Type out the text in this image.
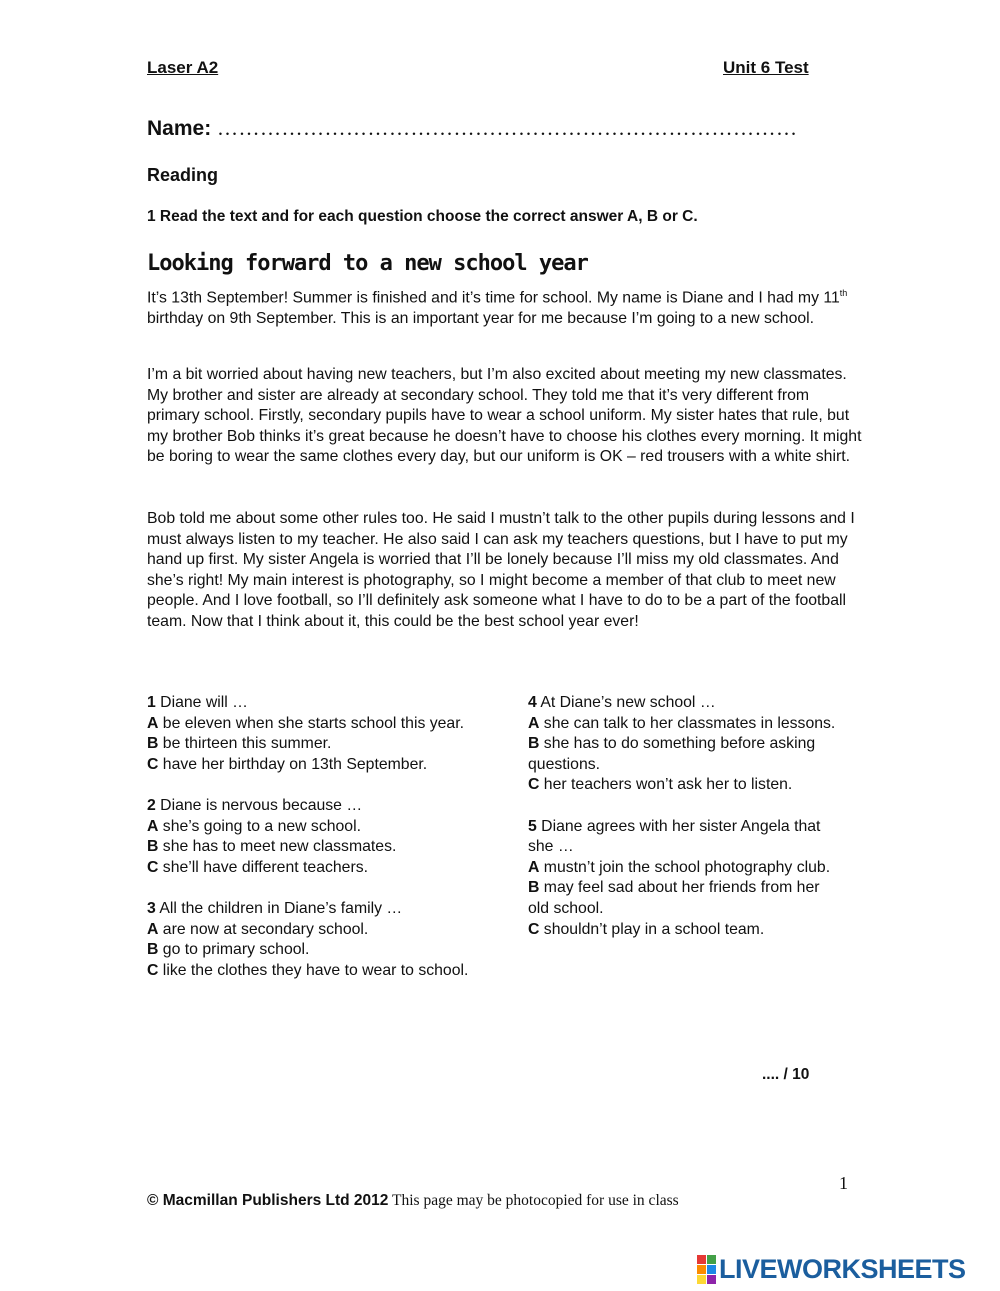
Laser A2	Unit 6 Test
Name: ………………………………………………………………………
Reading
1 Read the text and for each question choose the correct answer A, B or C.
Looking forward to a new school year

It’s 13th September! Summer is finished and it’s time for school. My name is Diane and I had my 11th birthday on 9th September. This is an important year for me because I’m going to a new school.

I’m a bit worried about having new teachers, but I’m also excited about meeting my new classmates. My brother and sister are already at secondary school. They told me that it’s very different from primary school. Firstly, secondary pupils have to wear a school uniform. My sister hates that rule, but my brother Bob thinks it’s great because he doesn’t have to choose his clothes every morning. It might be boring to wear the same clothes every day, but our uniform is OK – red trousers with a white shirt.

Bob told me about some other rules too. He said I mustn’t talk to the other pupils during lessons and I must always listen to my teacher. He also said I can ask my teachers questions, but I have to put my hand up first. My sister Angela is worried that I’ll be lonely because I’ll miss my old classmates. And she’s right! My main interest is photography, so I might become a member of that club to meet new people. And I love football, so I’ll definitely ask someone what I have to do to be a part of the football team. Now that I think about it, this could be the best school year ever!

1 Diane will …
A be eleven when she starts school this year.
B be thirteen this summer.
C have her birthday on 13th September.
2 Diane is nervous because …
A she’s going to a new school.
B she has to meet new classmates.
C she’ll have different teachers.
3 All the children in Diane’s family …
A are now at secondary school.
B go to primary school.
C like the clothes they have to wear to school.
4 At Diane’s new school …
A she can talk to her classmates in lessons.
B she has to do something before asking questions.
C her teachers won’t ask her to listen.
5 Diane agrees with her sister Angela that she …
A mustn’t join the school photography club.
B may feel sad about her friends from her old school.
C shouldn’t play in a school team.
.... / 10
1
© Macmillan Publishers Ltd 2012 This page may be photocopied for use in class
LIVEWORKSHEETS
